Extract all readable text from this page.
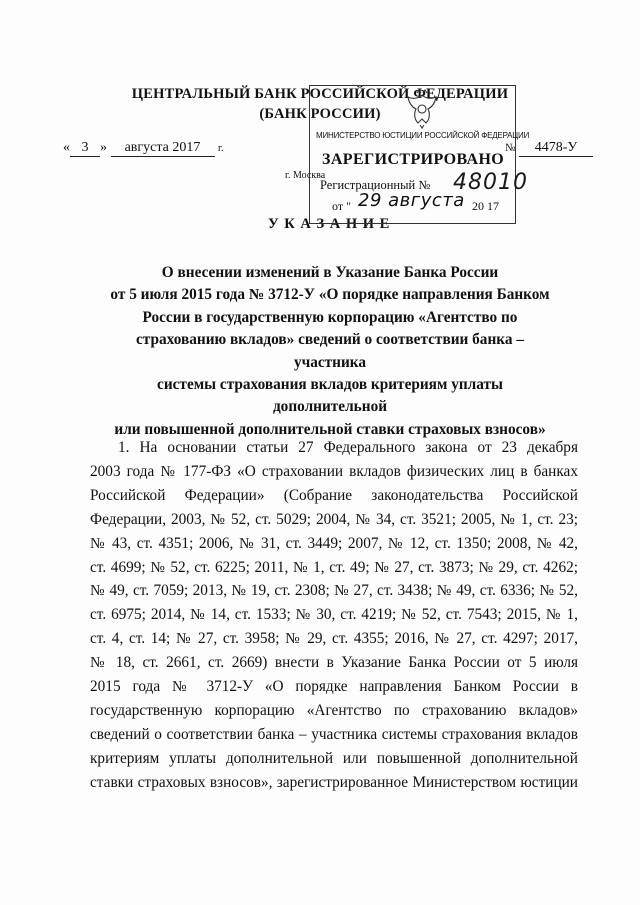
ЦЕНТРАЛЬНЫЙ БАНК РОССИЙСКОЙ ФЕДЕРАЦИИ
(БАНК РОССИИ)
« 3 » августа 2017 г.	№ 4478-У
г. Москва
У К А З А Н И Е
МИНИСТЕРСТВО ЮСТИЦИИ РОССИЙСКОЙ ФЕДЕРАЦИИ
ЗАРЕГИСТРИРОВАНО
Регистрационный № 48010
от " 29 августа 20 17
О внесении изменений в Указание Банка России
от 5 июля 2015 года № 3712-У «О порядке направления Банком
России в государственную корпорацию «Агентство по
страхованию вкладов» сведений о соответствии банка – участника
системы страхования вкладов критериям уплаты дополнительной
или повышенной дополнительной ставки страховых взносов»
1. На основании статьи 27 Федерального закона от 23 декабря
2003 года № 177-ФЗ «О страховании вкладов физических лиц в банках
Российской Федерации» (Собрание законодательства Российской
Федерации, 2003, № 52, ст. 5029; 2004, № 34, ст. 3521; 2005, № 1, ст. 23;
№ 43, ст. 4351; 2006, № 31, ст. 3449; 2007, № 12, ст. 1350; 2008, № 42,
ст. 4699; № 52, ст. 6225; 2011, № 1, ст. 49; № 27, ст. 3873; № 29, ст. 4262;
№ 49, ст. 7059; 2013, № 19, ст. 2308; № 27, ст. 3438; № 49, ст. 6336; № 52,
ст. 6975; 2014, № 14, ст. 1533; № 30, ст. 4219; № 52, ст. 7543; 2015, № 1,
ст. 4, ст. 14; № 27, ст. 3958; № 29, ст. 4355; 2016, № 27, ст. 4297; 2017,
№ 18, ст. 2661, ст. 2669) внести в Указание Банка России от 5 июля
2015 года № 3712-У «О порядке направления Банком России в
государственную корпорацию «Агентство по страхованию вкладов»
сведений о соответствии банка – участника системы страхования вкладов
критериям уплаты дополнительной или повышенной дополнительной
ставки страховых взносов», зарегистрированное Министерством юстиции
